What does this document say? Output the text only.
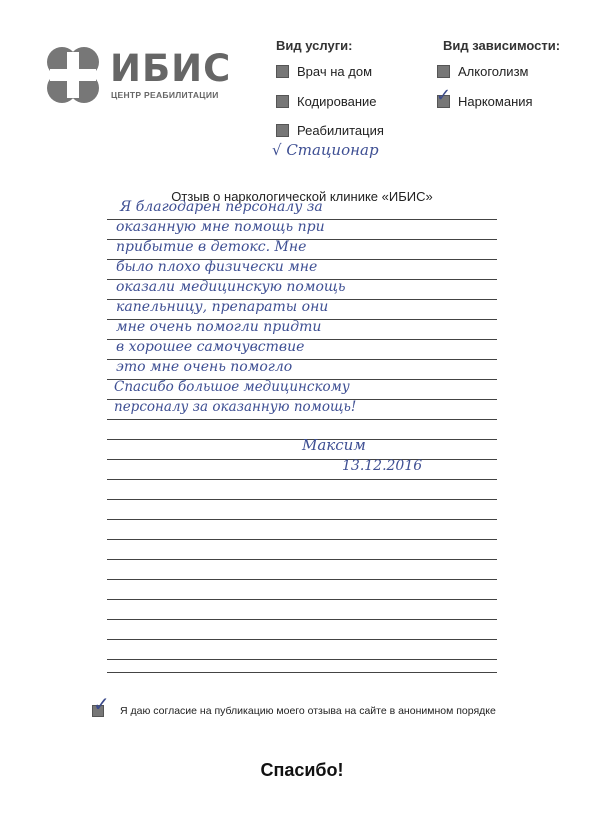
ИБИС
ЦЕНТР РЕАБИЛИТАЦИИ
Вид услуги:
Врач на дом
Кодирование
Реабилитация
√ Стационар
Вид зависимости:
Алкоголизм
✓ Наркомания
Отзыв о наркологической клинике «ИБИС»
Я благодарен персоналу за
оказанную мне помощь при
прибытие в детокс. Мне
было плохо физически мне
оказали медицинскую помощь
капельницу, препараты они
мне очень помогли придти
в хорошее самочувствие
это мне очень помогло
Спасибо большое медицинскому
персоналу за оказанную помощь!
Максим
13.12.2016
✓ Я даю согласие на публикацию моего отзыва на сайте в анонимном порядке
Спасибо!
